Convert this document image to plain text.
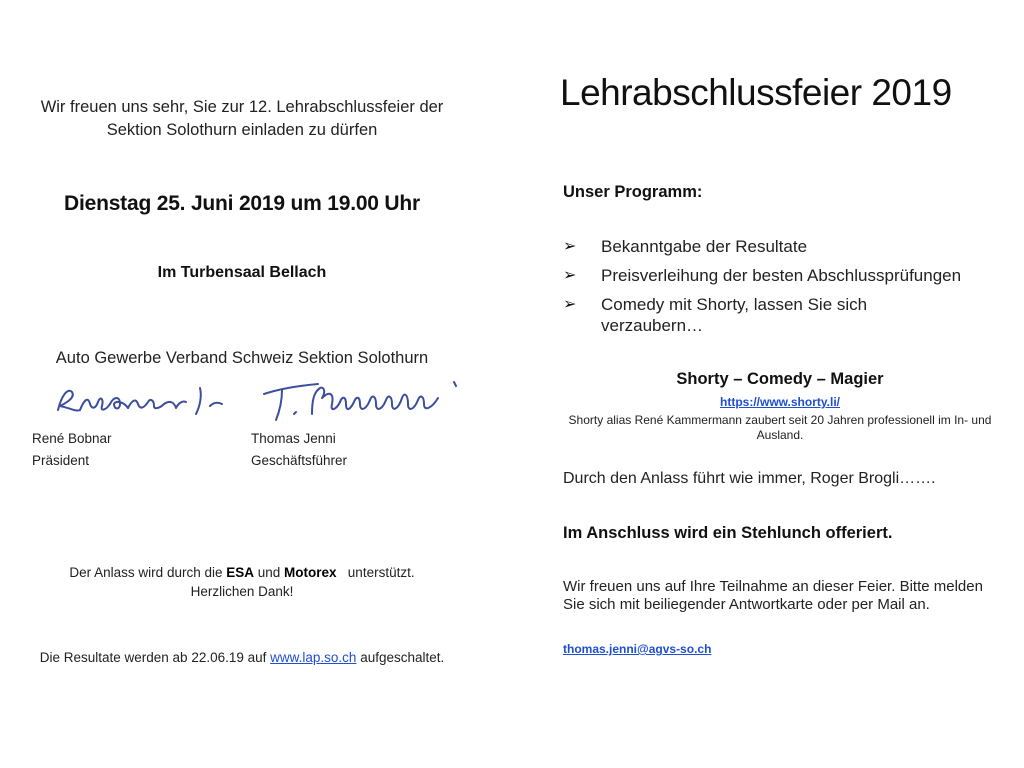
Wir freuen uns sehr, Sie zur 12. Lehrabschlussfeier der Sektion Solothurn einladen zu dürfen
Dienstag 25. Juni 2019 um 19.00 Uhr
Im Turbensaal Bellach
Auto Gewerbe Verband Schweiz Sektion Solothurn
René Bobnar	Thomas Jenni
Präsident	Geschäftsführer
Der Anlass wird durch die ESA und Motorex   unterstützt.
Herzlichen Dank!
Die Resultate werden ab 22.06.19 auf www.lap.so.ch aufgeschaltet.
Lehrabschlussfeier 2019
Unser Programm:
➢	Bekanntgabe der Resultate
➢	Preisverleihung der besten Abschlussprüfungen
➢	Comedy mit Shorty, lassen Sie sich verzaubern…
Shorty – Comedy – Magier
https://www.shorty.li/
Shorty alias René Kammermann zaubert seit 20 Jahren professionell im In- und Ausland.
Durch den Anlass führt wie immer, Roger Brogli…….
Im Anschluss wird ein Stehlunch offeriert.
Wir freuen uns auf Ihre Teilnahme an dieser Feier. Bitte melden Sie sich mit beiliegender Antwortkarte oder per Mail an.
thomas.jenni@agvs-so.ch
